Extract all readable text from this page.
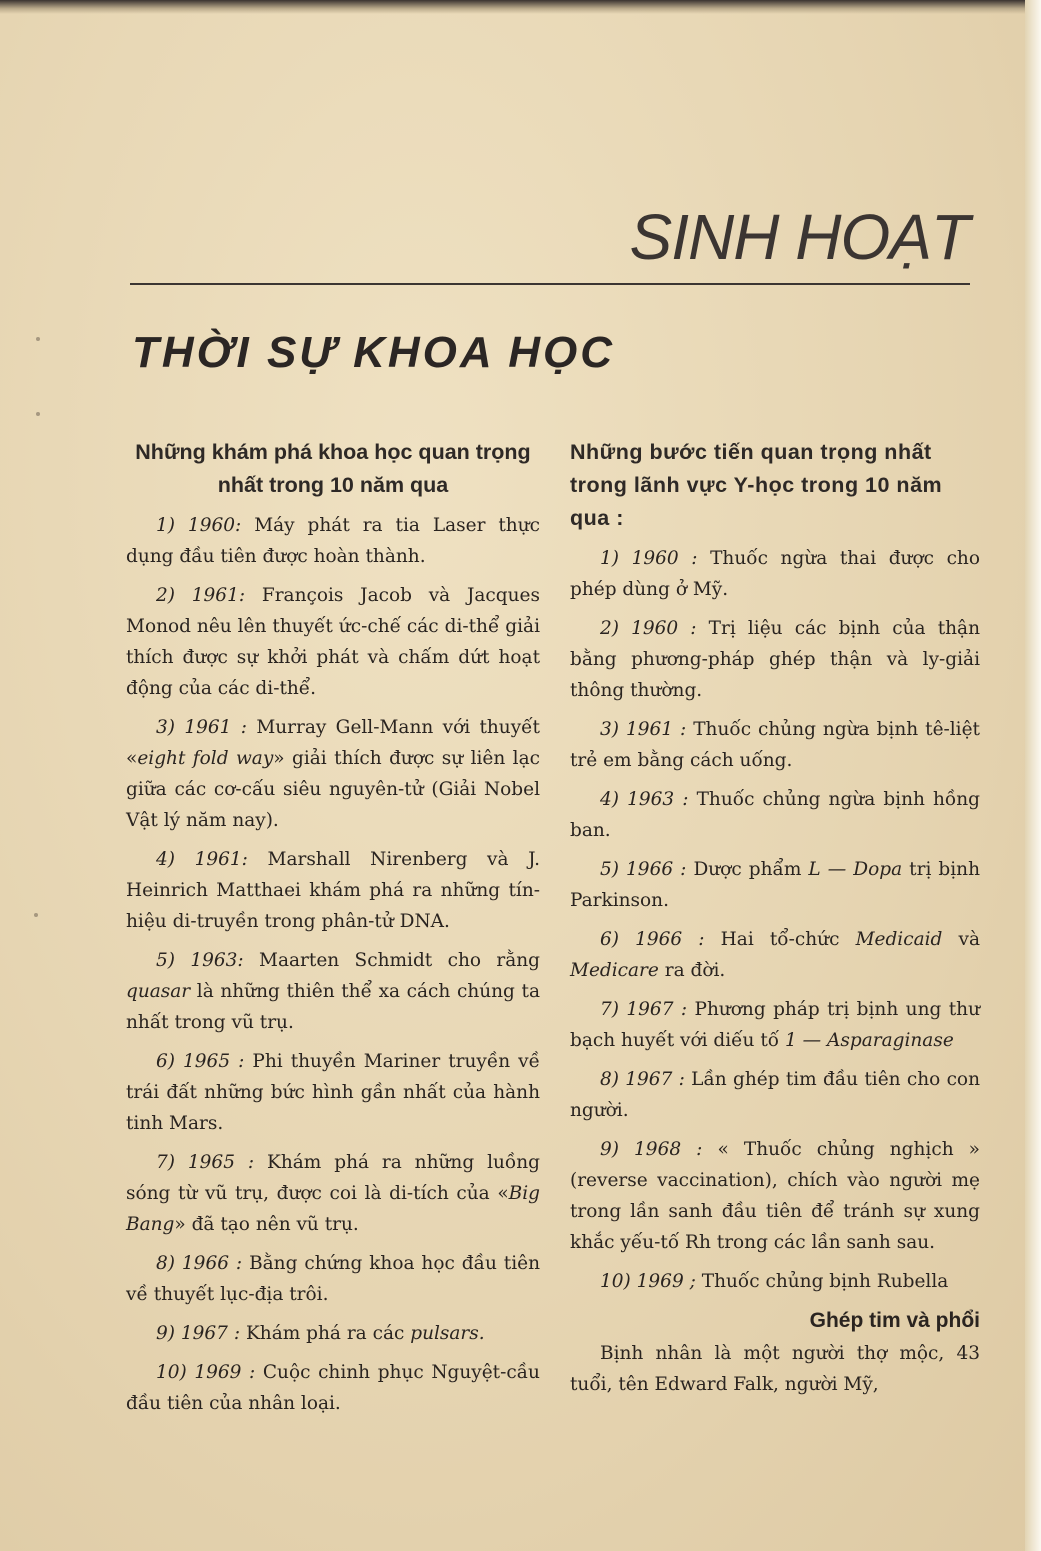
SINH HOẠT
THỜI SỰ KHOA HỌC

Những khám phá khoa học quan trọng nhất trong 10 năm qua

1) 1960: Máy phát ra tia Laser thực dụng đầu tiên được hoàn thành.

2) 1961: François Jacob và Jacques Monod nêu lên thuyết ức-chế các di-thể giải thích được sự khởi phát và chấm dứt hoạt động của các di-thể.

3) 1961 : Murray Gell-Mann với thuyết «eight fold way» giải thích được sự liên lạc giữa các cơ-cấu siêu nguyên-tử (Giải Nobel Vật lý năm nay).

4) 1961: Marshall Nirenberg và J. Heinrich Matthaei khám phá ra những tín-hiệu di-truyền trong phân-tử DNA.

5) 1963: Maarten Schmidt cho rằng quasar là những thiên thể xa cách chúng ta nhất trong vũ trụ.

6) 1965 : Phi thuyền Mariner truyền về trái đất những bức hình gần nhất của hành tinh Mars.

7) 1965 : Khám phá ra những luồng sóng từ vũ trụ, được coi là di-tích của «Big Bang» đã tạo nên vũ trụ.

8) 1966 : Bằng chứng khoa học đầu tiên về thuyết lục-địa trôi.

9) 1967 : Khám phá ra các pulsars.

10) 1969 : Cuộc chinh phục Nguyệt-cầu đầu tiên của nhân loại.

Những bước tiến quan trọng nhất trong lãnh vực Y-học trong 10 năm qua :

1) 1960 : Thuốc ngừa thai được cho phép dùng ở Mỹ.

2) 1960 : Trị liệu các bịnh của thận bằng phương-pháp ghép thận và ly-giải thông thường.

3) 1961 : Thuốc chủng ngừa bịnh tê-liệt trẻ em bằng cách uống.

4) 1963 : Thuốc chủng ngừa bịnh hồng ban.

5) 1966 : Dược phẩm L — Dopa trị bịnh Parkinson.

6) 1966 : Hai tổ-chức Medicaid và Medicare ra đời.

7) 1967 : Phương pháp trị bịnh ung thư bạch huyết với diếu tố 1 — Asparaginase

8) 1967 : Lần ghép tim đầu tiên cho con người.

9) 1968 : « Thuốc chủng nghịch » (reverse vaccination), chích vào người mẹ trong lần sanh đầu tiên để tránh sự xung khắc yếu-tố Rh trong các lần sanh sau.

10) 1969 ; Thuốc chủng bịnh Rubella

Ghép tim và phổi

Bịnh nhân là một người thợ mộc, 43 tuổi, tên Edward Falk, người Mỹ,
